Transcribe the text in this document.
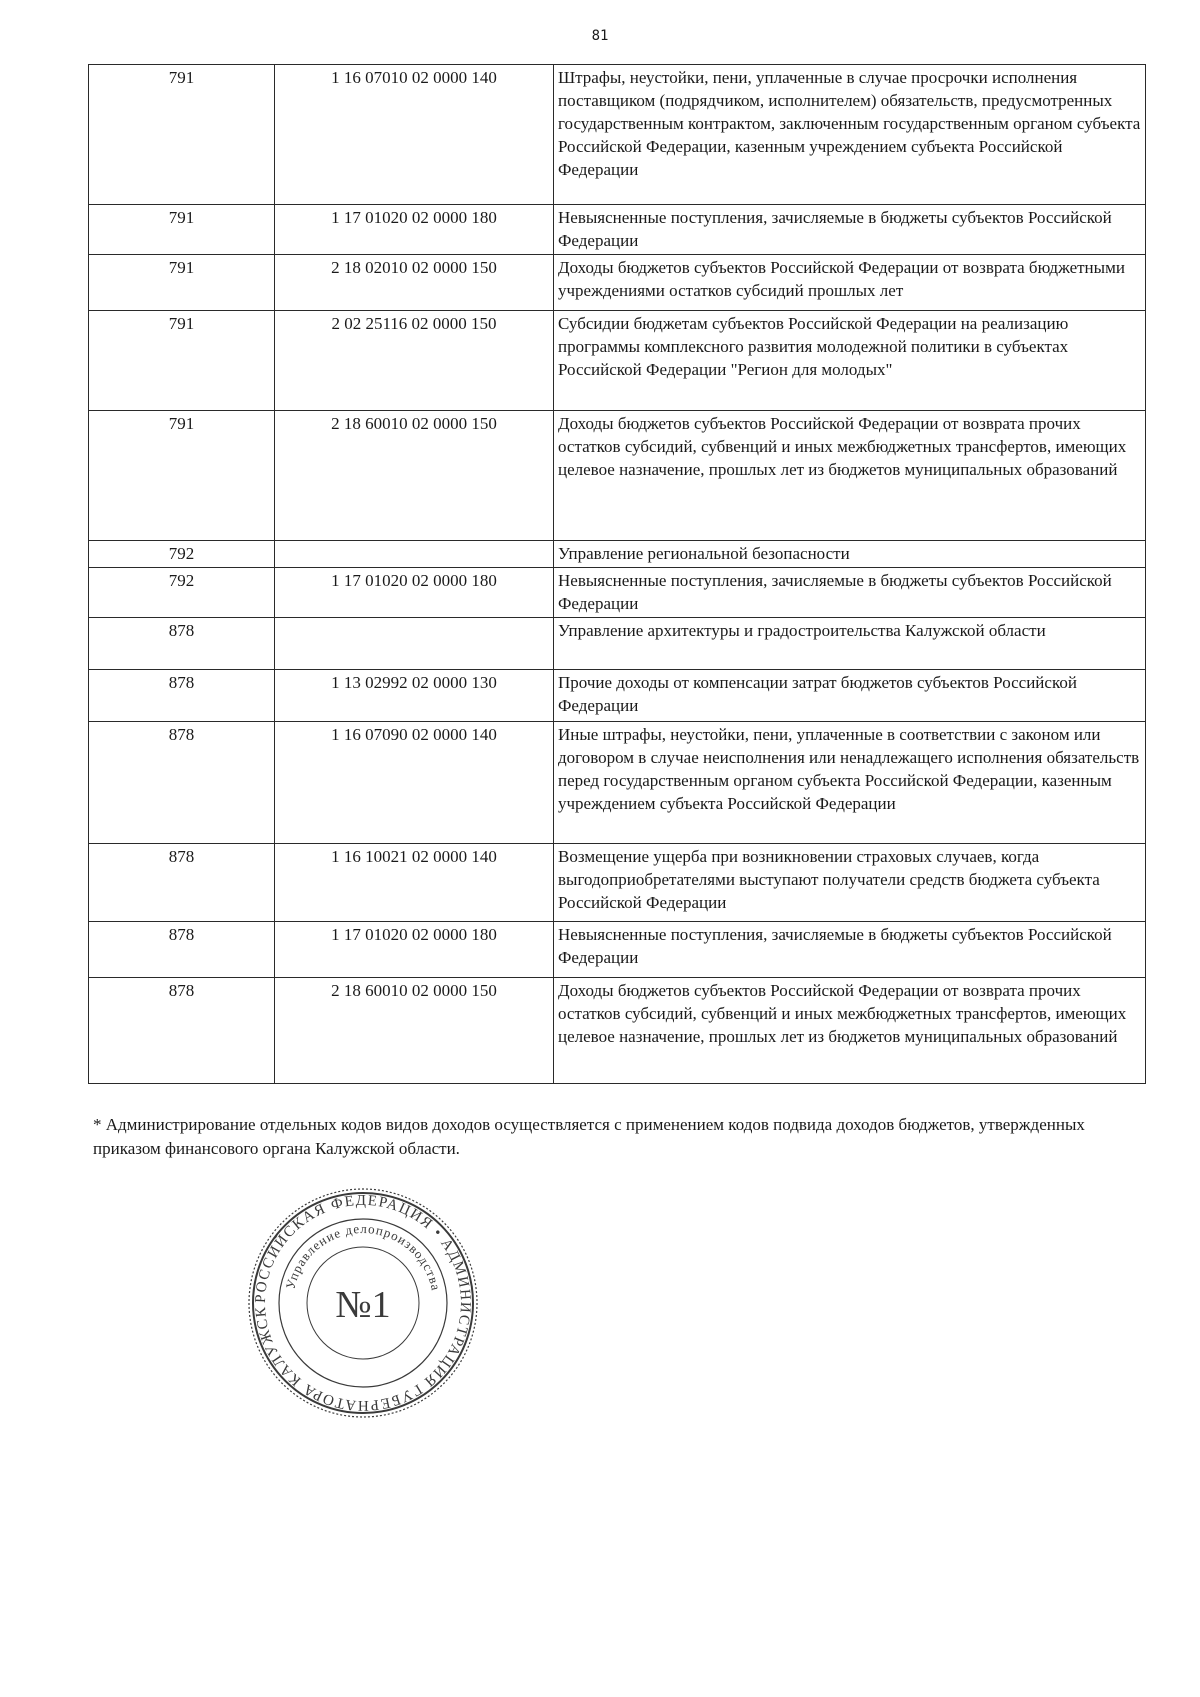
81
791	1 16 07010 02 0000 140	Штрафы, неустойки, пени, уплаченные в случае просрочки исполнения поставщиком (подрядчиком, исполнителем) обязательств, предусмотренных государственным контрактом, заключенным государственным органом субъекта Российской Федерации, казенным учреждением субъекта Российской Федерации
791	1 17 01020 02 0000 180	Невыясненные поступления, зачисляемые в бюджеты субъектов Российской Федерации
791	2 18 02010 02 0000 150	Доходы бюджетов субъектов Российской Федерации от возврата бюджетными учреждениями остатков субсидий прошлых лет
791	2 02 25116 02 0000 150	Субсидии бюджетам субъектов Российской Федерации на реализацию программы комплексного развития молодежной политики в субъектах Российской Федерации "Регион для молодых"
791	2 18 60010 02 0000 150	Доходы бюджетов субъектов Российской Федерации от возврата прочих остатков субсидий, субвенций и иных межбюджетных трансфертов, имеющих целевое назначение, прошлых лет из бюджетов муниципальных образований
792		Управление региональной безопасности
792	1 17 01020 02 0000 180	Невыясненные поступления, зачисляемые в бюджеты субъектов Российской Федерации
878		Управление архитектуры и градостроительства Калужской области
878	1 13 02992 02 0000 130	Прочие доходы от компенсации затрат бюджетов субъектов Российской Федерации
878	1 16 07090 02 0000 140	Иные штрафы, неустойки, пени, уплаченные в соответствии с законом или договором в случае неисполнения или ненадлежащего исполнения обязательств перед государственным органом субъекта Российской Федерации, казенным учреждением субъекта Российской Федерации
878	1 16 10021 02 0000 140	Возмещение ущерба при возникновении страховых случаев, когда выгодоприобретателями выступают получатели средств бюджета субъекта Российской Федерации
878	1 17 01020 02 0000 180	Невыясненные поступления, зачисляемые в бюджеты субъектов Российской Федерации
878	2 18 60010 02 0000 150	Доходы бюджетов субъектов Российской Федерации от возврата прочих остатков субсидий, субвенций и иных межбюджетных трансфертов, имеющих целевое назначение, прошлых лет из бюджетов муниципальных образований
* Администрирование отдельных кодов видов доходов осуществляется с применением кодов подвида доходов бюджетов, утвержденных приказом финансового органа Калужской области.
РОССИЙСКАЯ ФЕДЕРАЦИЯ • АДМИНИСТРАЦИЯ ГУБЕРНАТОРА КАЛУЖСК
Управление делопроизводства
№1
